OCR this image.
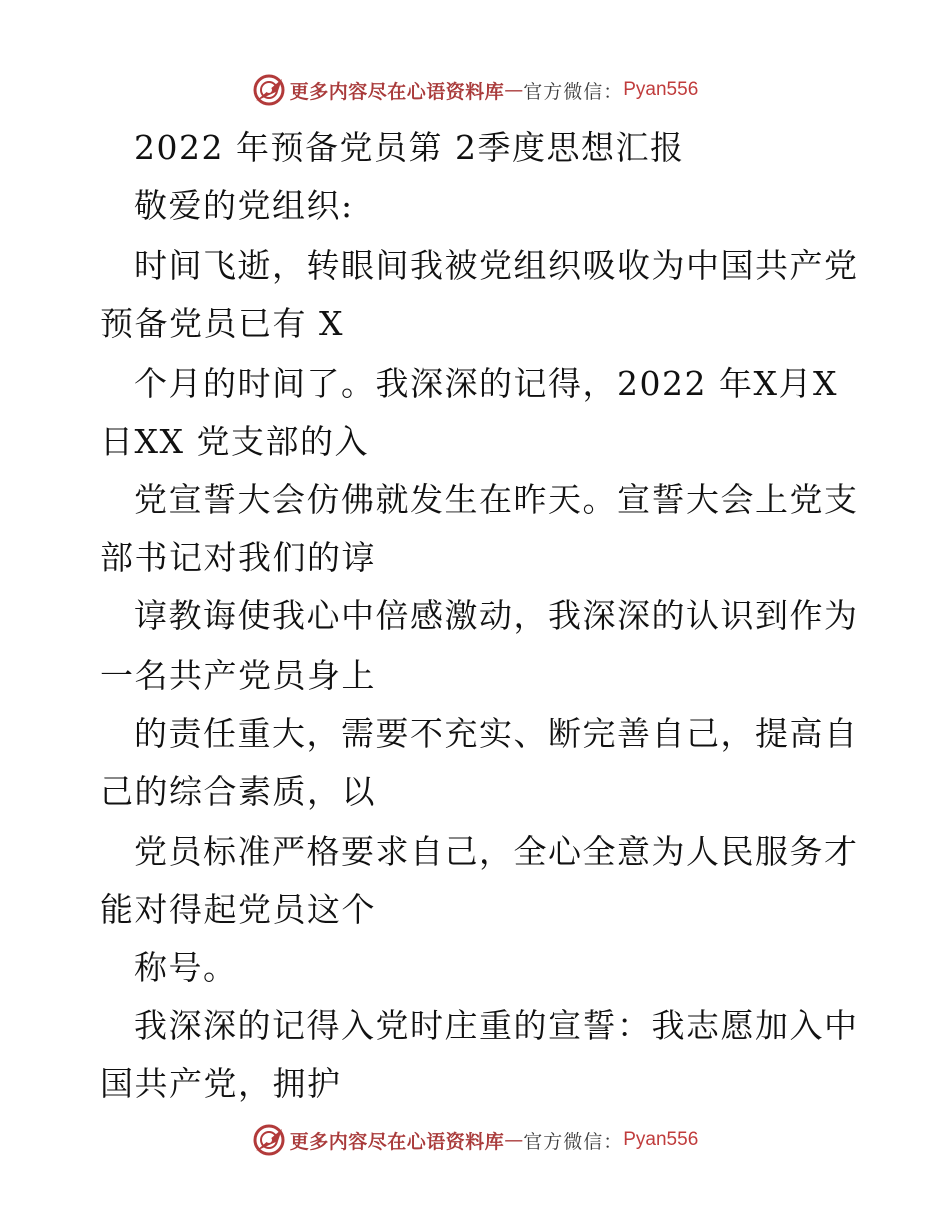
更多内容尽在心语资料库 — 官方微信： Pyan556
2022 年预备党员第 2季度思想汇报
敬爱的党组织:
时间飞逝，转眼间我被党组织吸收为中国共产党
预备党员已有 X
个月的时间了。我深深的记得，2022 年X月X
日XX 党支部的入
党宣誓大会仿佛就发生在昨天。宣誓大会上党支
部书记对我们的谆
谆教诲使我心中倍感激动，我深深的认识到作为
一名共产党员身上
的责任重大，需要不充实、断完善自己，提高自
己的综合素质，以
党员标准严格要求自己，全心全意为人民服务才
能对得起党员这个
称号。
我深深的记得入党时庄重的宣誓：我志愿加入中
国共产党，拥护
更多内容尽在心语资料库 — 官方微信： Pyan556
